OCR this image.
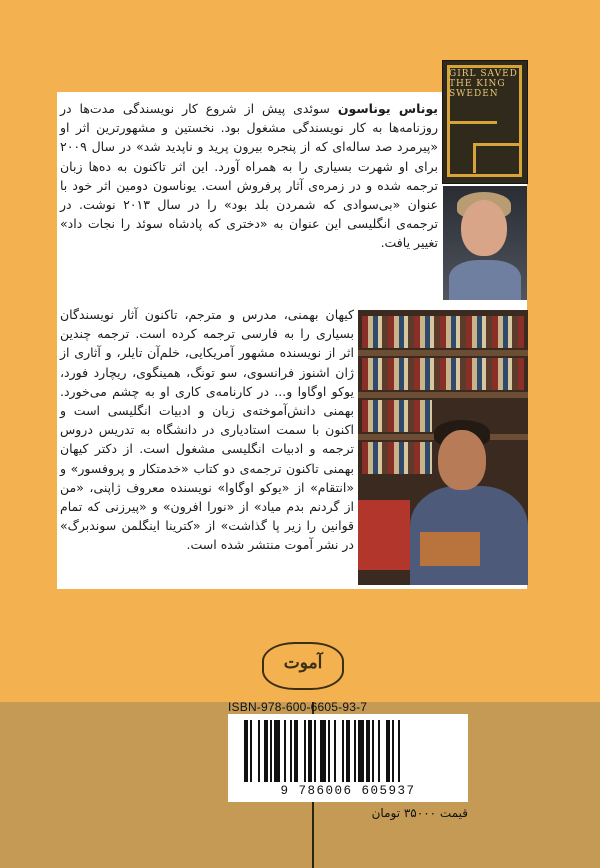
GIRL SAVED THE KING SWEDEN
یوناس یوناسون سوئدی پیش از شروع کار نویسندگی مدت‌ها در روزنامه‌ها به کار نویسندگی مشغول بود. نخستین و مشهورترین اثر او «پیرمرد صد ساله‌ای که از پنجره بیرون پرید و ناپدید شد» در سال ۲۰۰۹ برای او شهرت بسیاری را به همراه آورد. این اثر تاکنون به ده‌ها زبان ترجمه شده و در زمره‌ی آثار پرفروش است. یوناسون دومین اثر خود با عنوان «بی‌سوادی که شمردن بلد بود» را در سال ۲۰۱۳ نوشت. در ترجمه‌ی انگلیسی این عنوان به «دختری که پادشاه سوئد را نجات داد» تغییر یافت.
کیهان بهمنی، مدرس و مترجم، تاکنون آثار نویسندگان بسیاری را به فارسی ترجمه کرده است. ترجمه چندین اثر از نویسنده مشهور آمریکایی، خلم‌آن تایلر، و آثاری از ژان اشنوز فرانسوی، سو تونگ، همینگوی، ریچارد فورد، یوکو اوگاوا و... در کارنامه‌ی کاری او به چشم می‌خورد. بهمنی دانش‌آموخته‌ی زبان و ادبیات انگلیسی است و اکنون با سمت استادیاری در دانشگاه به تدریس دروس ترجمه و ادبیات انگلیسی مشغول است. از دکتر کیهان بهمنی تاکنون ترجمه‌ی دو کتاب «خدمتکار و پروفسور» و «انتقام» از «یوکو اوگاوا» نویسنده معروف ژاپنی، «من از گردنم بدم میاد» از «نورا افرون» و «پیرزنی که تمام قوانین را زیر پا گذاشت» از «کترینا اینگلمن سوندبرگ» در نشر آموت منتشر شده است.
آموت
ISBN-978-600-6605-93-7
9 786006 605937
قیمت ۳۵۰۰۰ تومان
